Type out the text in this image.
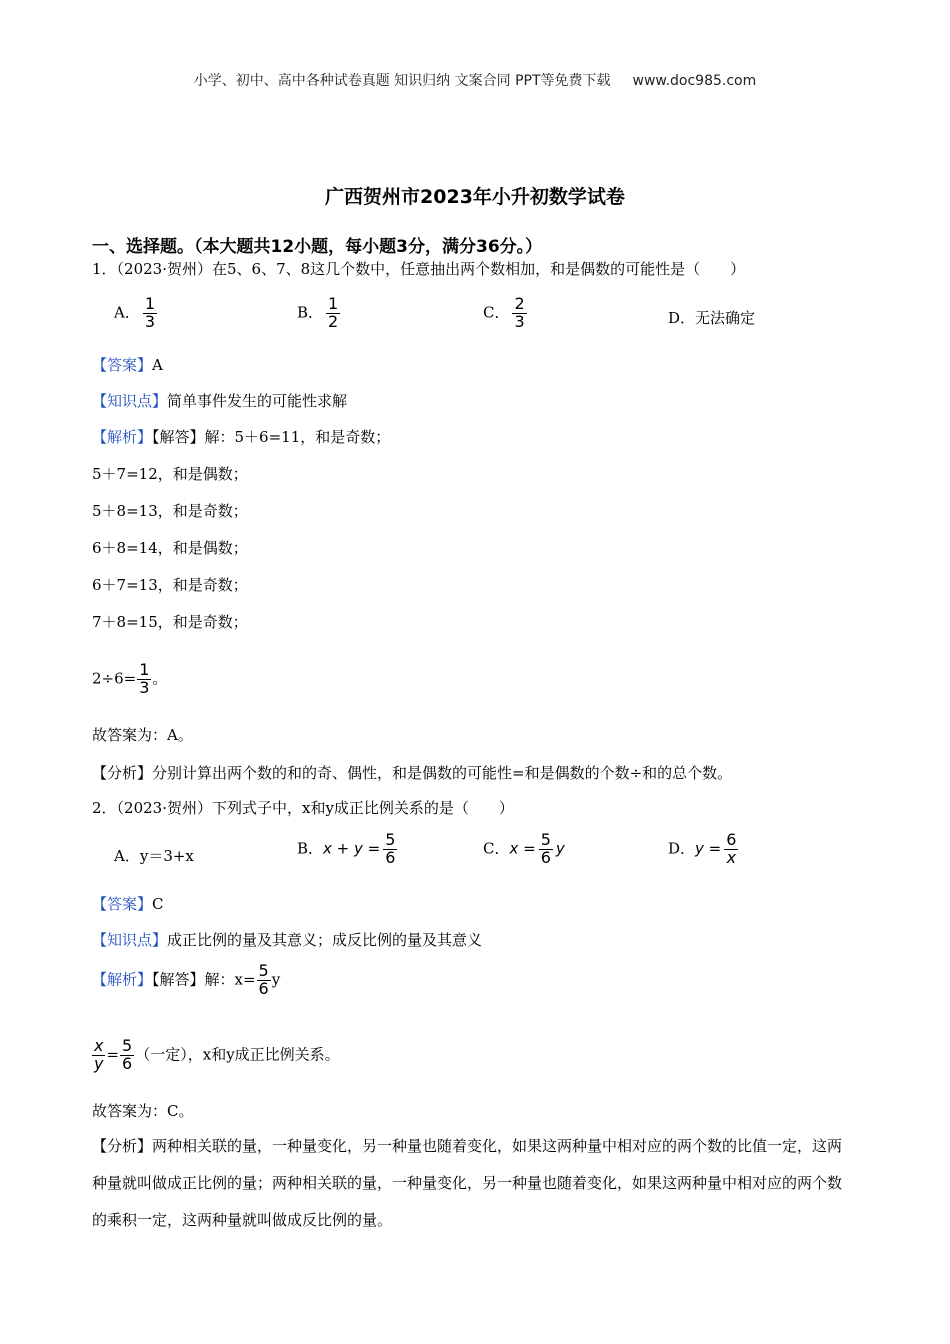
小学、初中、高中各种试卷真题 知识归纳 文案合同 PPT等免费下载 www.doc985.com
广西贺州市2023年小升初数学试卷
一、选择题。（本大题共12小题，每小题3分，满分36分。）
1．（2023·贺州）在5、6、7、8这几个数中，任意抽出两个数相加，和是偶数的可能性是（　　）
A． $\frac{1}{3}$	B． $\frac{1}{2}$	C． $\frac{2}{3}$	D．无法确定
【答案】A
【知识点】简单事件发生的可能性求解
【解析】【解答】解：5＋6=11，和是奇数；
5＋7=12，和是偶数；
5＋8=13，和是奇数；
6＋8=14，和是偶数；
6＋7=13，和是奇数；
7＋8=15，和是奇数；
$2\div 6= \frac{1}{3}$ 。
故答案为：A。
【分析】分别计算出两个数的和的奇、偶性，和是偶数的可能性=和是偶数的个数÷和的总个数。
2．（2023·贺州）下列式子中，x和y成正比例关系的是（　　）
A．y＝3+x	B．$x + y = \frac{5}{6}$	C．$x = \frac{5}{6}$ y	D．$y = \frac{6}{x}$
【答案】C
【知识点】成正比例的量及其意义；成反比例的量及其意义
【解析】【解答】解：$x= \frac{5}{6}$ y
$\frac{x}{y} = \frac{5}{6}$ （一定），x和y成正比例关系。
故答案为：C。
【分析】两种相关联的量，一种量变化，另一种量也随着变化，如果这两种量中相对应的两个数的比值一定，这两种量就叫做成正比例的量；两种相关联的量，一种量变化，另一种量也随着变化，如果这两种量中相对应的两个数的乘积一定，这两种量就叫做成反比例的量。
